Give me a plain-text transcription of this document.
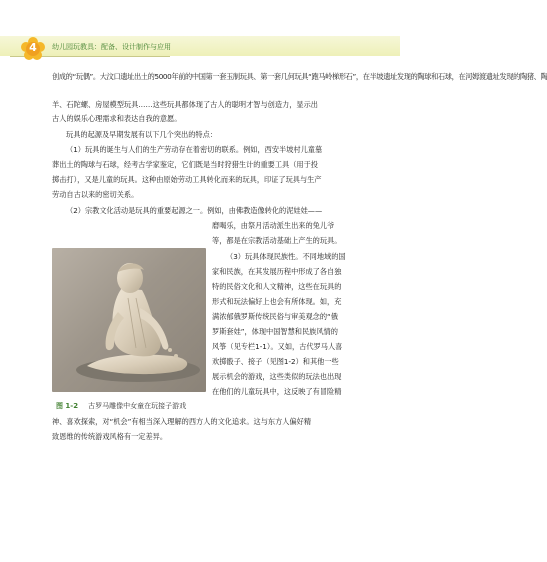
4	幼儿园玩教具：配备、设计制作与应用
创成的“玩偶”。大汶口遗址出土的5000年前的中国第一套玉制玩具、第一套几何玩具“跑马岭梯形石”，在半坡遗址发现的陶球和石球，在河姆渡遗址发现的陶猪、陶
羊、石陀螺、房屋模型玩具……这些玩具都体现了古人的聪明才智与创造力，显示出
古人的娱乐心理需求和表达自我的意愿。
玩具的起源及早期发展有以下几个突出的特点：
（1）玩具的诞生与人们的生产劳动存在着密切的联系。例如，西安半坡村儿童墓
葬出土的陶球与石球，经考古学家鉴定，它们既是当时狩猎生计的重要工具（用于投
掷击打），又是儿童的玩具。这种由原始劳动工具转化而来的玩具，印证了玩具与生产
劳动自古以来的密切关系。
（2）宗教文化活动是玩具的重要起源之一。例如，由佛教造像转化的泥娃娃——
磨喝乐，由祭月活动派生出来的兔儿爷
等，都是在宗教活动基础上产生的玩具。
（3）玩具体现民族性。不同地域的国
家和民族，在其发展历程中形成了各自独
特的民俗文化和人文精神，这些在玩具的
形式和玩法偏好上也会有所体现。如，充
满浓郁俄罗斯传统民俗与审美观念的“俄
罗斯套娃”，体现中国智慧和民族风情的
风筝（见专栏1-1）。又如，古代罗马人喜
欢掷骰子、接子（见图1-2）和其他一些
展示机会的游戏，这些类似的玩法也出现
在他们的儿童玩具中，这反映了有冒险精
神、喜欢探索，对“机会”有相当深入理解的西方人的文化追求。这与东方人偏好精
致恩维的传统游戏风格有一定差异。
图 1-2 古罗马雕像中女童在玩接子游戏
